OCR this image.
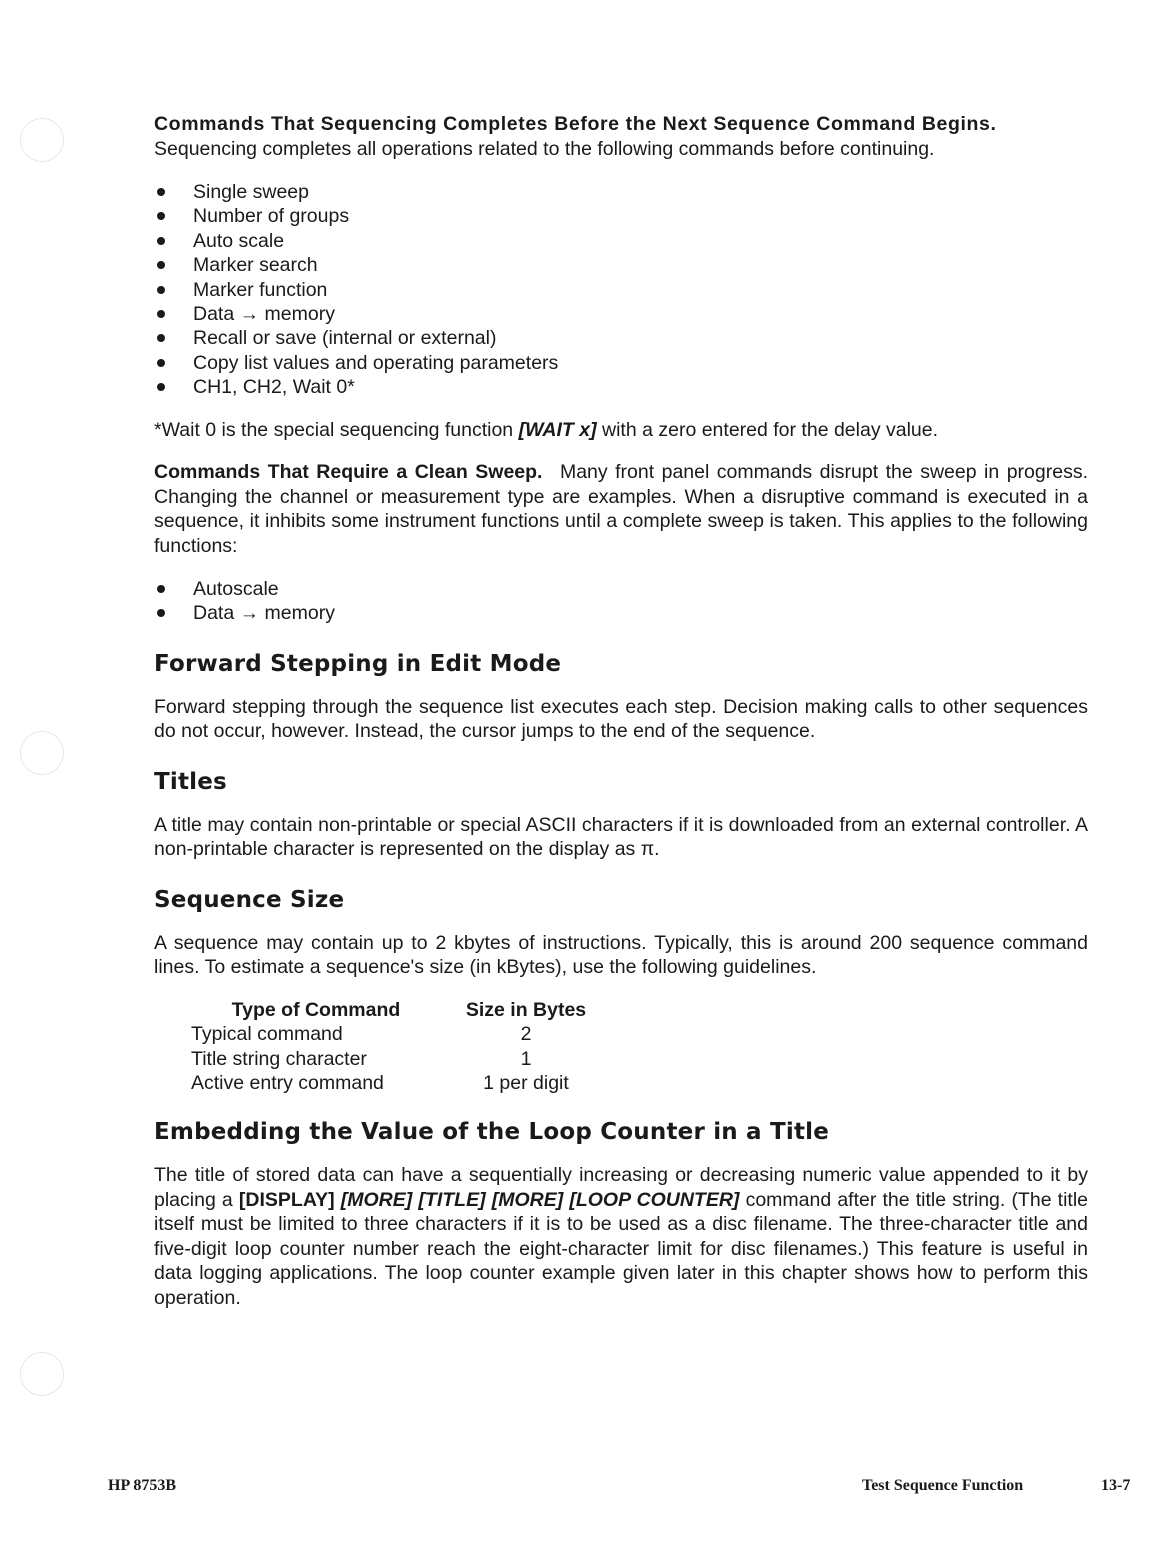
Commands That Sequencing Completes Before the Next Sequence Command Begins.

Sequencing completes all operations related to the following commands before continuing.

Single sweep
Number of groups
Auto scale
Marker search
Marker function
Data → memory
Recall or save (internal or external)
Copy list values and operating parameters
CH1, CH2, Wait 0*

*Wait 0 is the special sequencing function [WAIT x] with a zero entered for the delay value.

Commands That Require a Clean Sweep. Many front panel commands disrupt the sweep in progress. Changing the channel or measurement type are examples. When a disruptive command is executed in a sequence, it inhibits some instrument functions until a complete sweep is taken. This applies to the following functions:

Autoscale
Data → memory
Forward Stepping in Edit Mode

Forward stepping through the sequence list executes each step. Decision making calls to other sequences do not occur, however. Instead, the cursor jumps to the end of the sequence.

Titles

A title may contain non-printable or special ASCII characters if it is downloaded from an external controller. A non-printable character is represented on the display as π.

Sequence Size

A sequence may contain up to 2 kbytes of instructions. Typically, this is around 200 sequence command lines. To estimate a sequence's size (in kBytes), use the following guidelines.

Type of Command	Size in Bytes
Typical command	2
Title string character	1
Active entry command	1 per digit
Embedding the Value of the Loop Counter in a Title

The title of stored data can have a sequentially increasing or decreasing numeric value appended to it by placing a [DISPLAY] [MORE] [TITLE] [MORE] [LOOP COUNTER] command after the title string. (The title itself must be limited to three characters if it is to be used as a disc filename. The three-character title and five-digit loop counter number reach the eight-character limit for disc filenames.) This feature is useful in data logging applications. The loop counter example given later in this chapter shows how to perform this operation.

HP 8753B	Test Sequence Function	13-7
